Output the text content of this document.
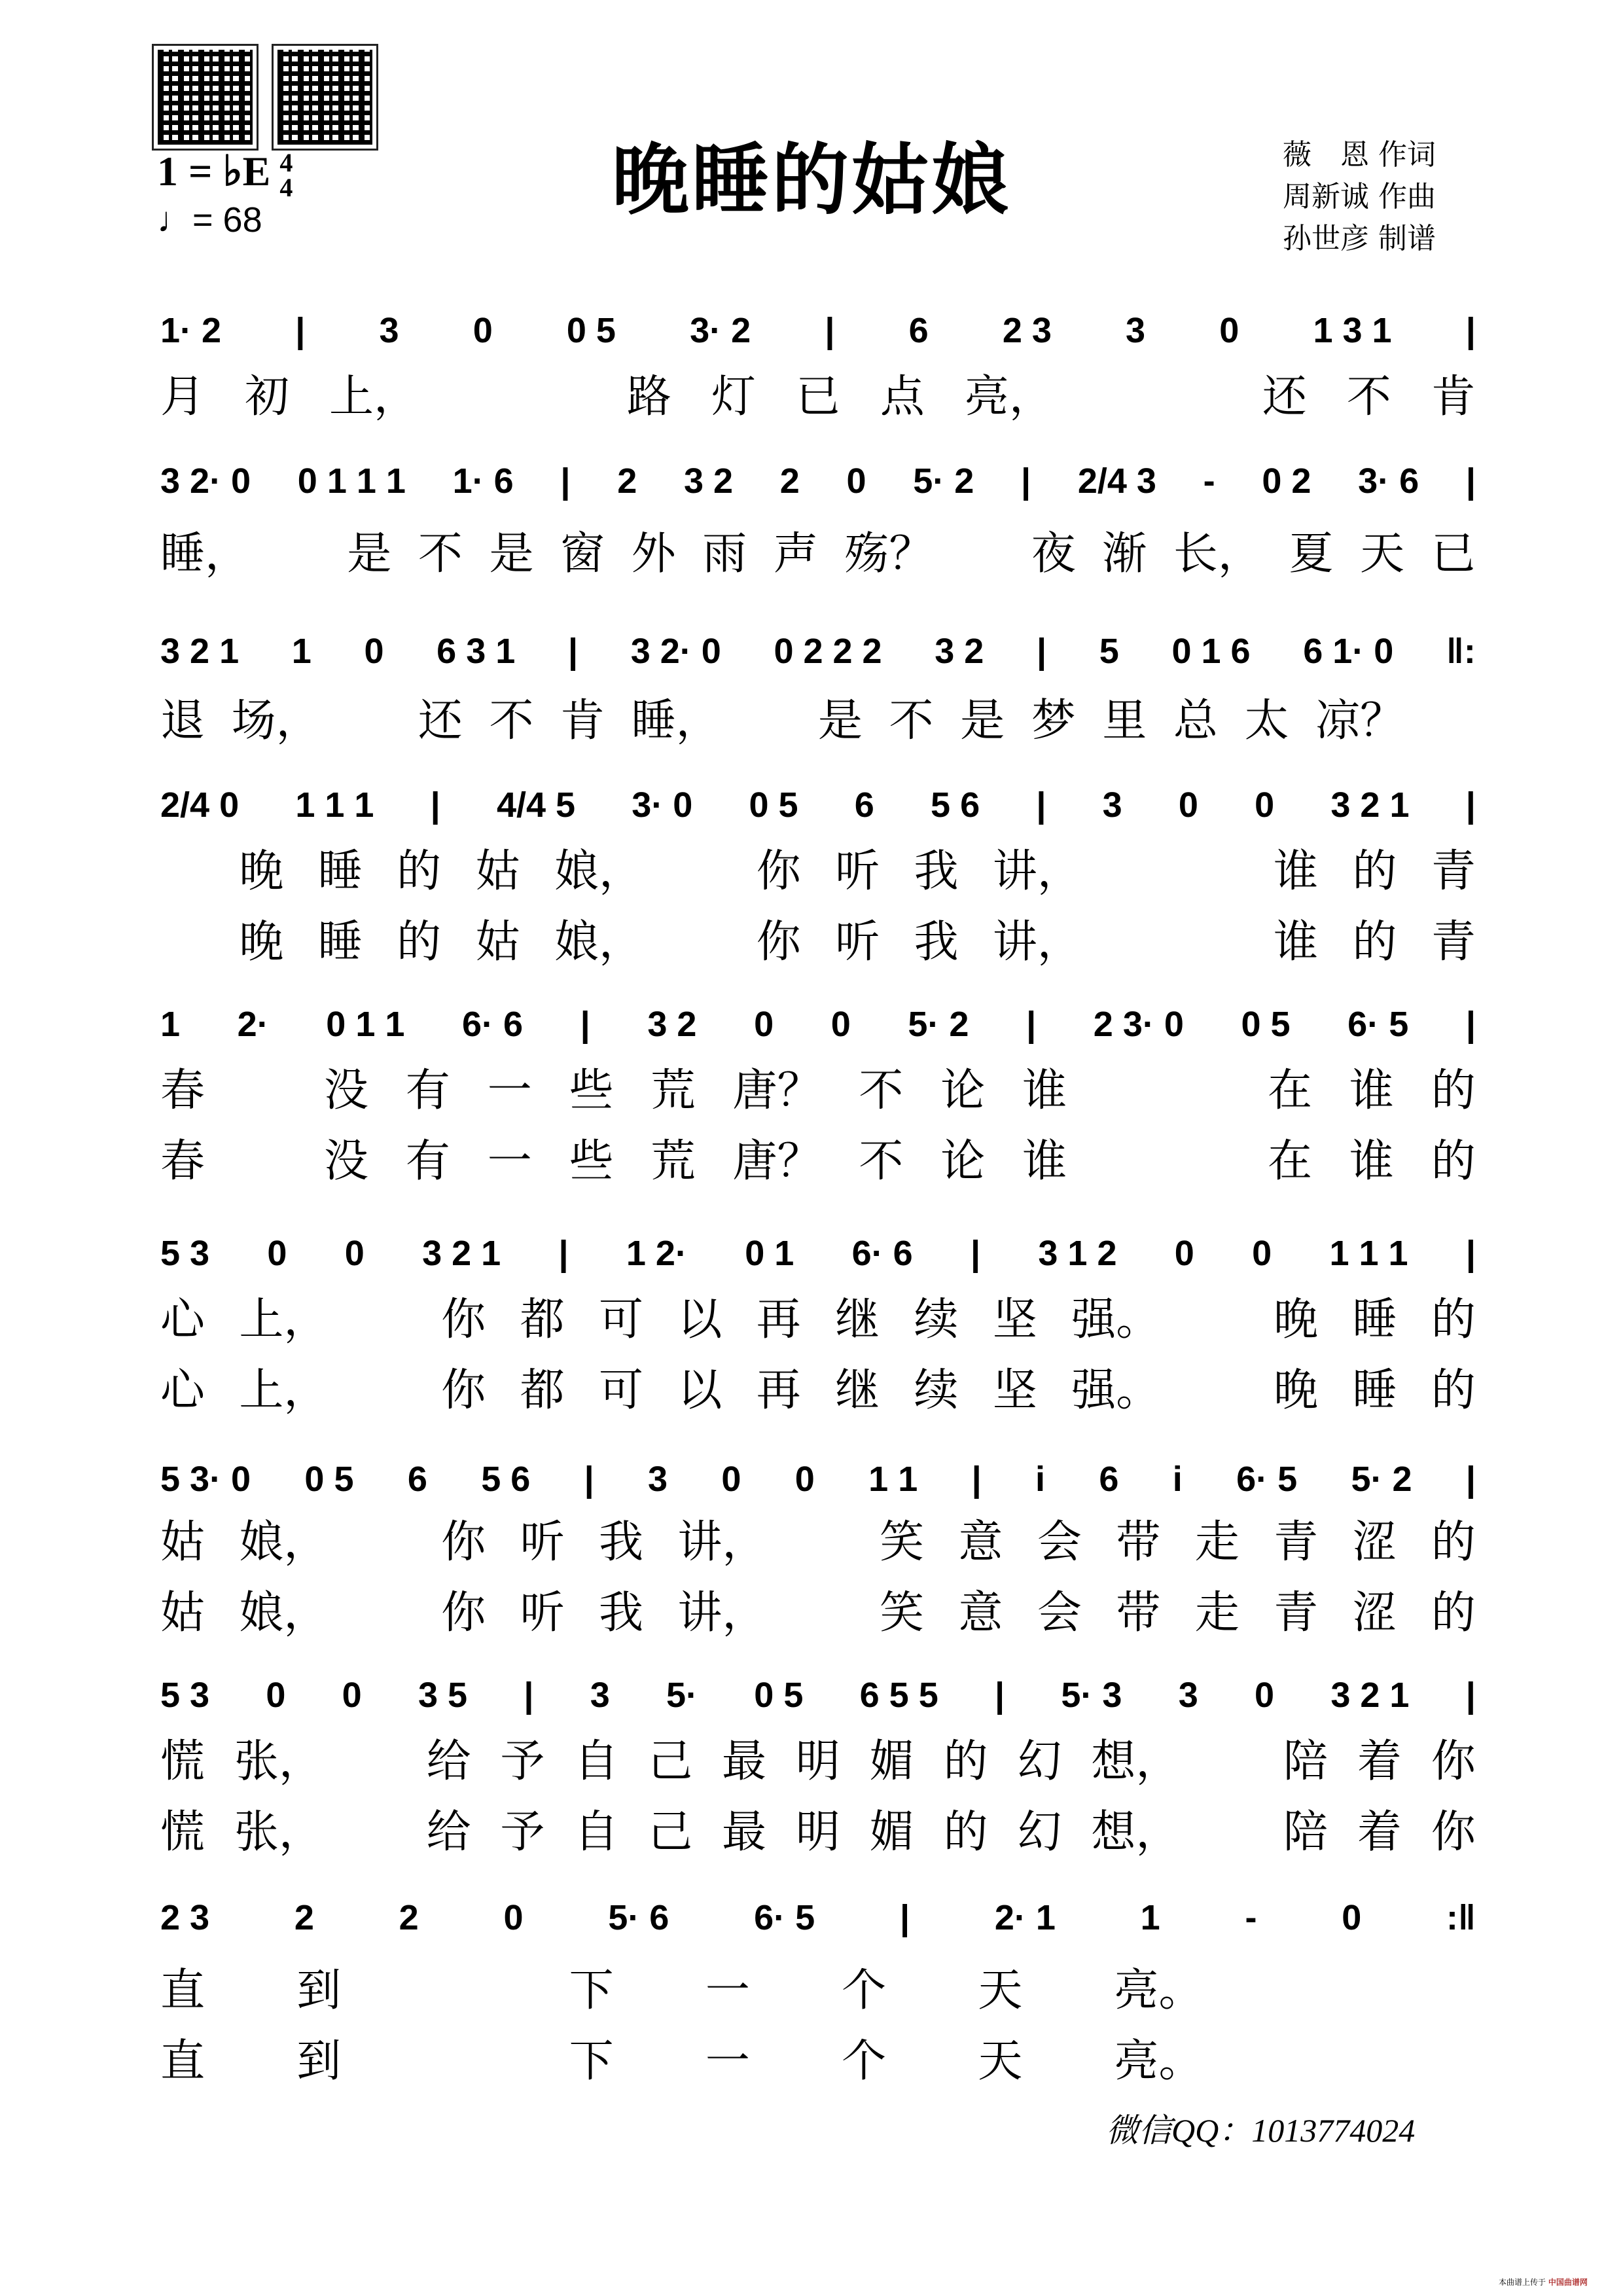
晚睡的姑娘
1 = ♭E 4
4
♩= 68
薇　恩 作词
周新诚 作曲
孙世彦 制谱
1· 2 | 3 0 0 5 3· 2 | 6 2 3 3 0 1 3 1 |
3 2· 0 0 1 1 1 1· 6 | 2 3 2 2 0 5· 2 | 2/4 3 - 0 2 3· 6 |
3 2 1 1 0 6 3 1 | 3 2· 0 0 2 2 2 3 2 | 5 0 1 6 6 1· 0 ‖:
2/4 0 1 1 1 | 4/4 5 3· 0 0 5 6 5 6 | 3 0 0 3 2 1 |
1 2· 0 1 1 6· 6 | 3 2 0 0 5· 2 | 2 3· 0 0 5 6· 5 |
5 3 0 0 3 2 1 | 1 2· 0 1 6· 6 | 3 1 2 0 0 1 1 1 |
5 3· 0 0 5 6 5 6 | 3 0 0 1 1 | i 6 i 6· 5 5· 2 |
5 3 0 0 3 5 | 3 5· 0 5 6 5 5 | 5· 3 3 0 3 2 1 |
2 3 2 2 0 5· 6 6· 5 | 2· 1 1 - 0 :‖
月 初 上，

　	路 灯 已 点 亮，

　	还 不 肯
睡，
　 是 不 是 窗 外 雨 声 殇？
　 夜 渐 长， 夏 天 已
退 场，
　 还 不 肯 睡，
　 是 不 是 梦 里 总 太 凉？

晚 睡 的 姑 娘，
　	你 听 我 讲，

　	谁 的 青

晚 睡 的 姑 娘，
　	你 听 我 讲，

　	谁 的 青
春
　	没 有 一 些 荒 唐？ 不 论 谁

　	在 谁 的
春
　	没 有 一 些 荒 唐？ 不 论 谁

　	在 谁 的
心 上，
　	你 都 可 以 再 继 续 坚 强。
　	晚 睡 的
心 上，
　	你 都 可 以 再 继 续 坚 强。
　	晚 睡 的
姑 娘，
　	你 听 我 讲，
　	笑 意 会 带 走 青 涩 的
姑 娘，
　	你 听 我 讲，
　	笑 意 会 带 走 青 涩 的
慌 张，
　 给 予 自 己 最 明 媚 的 幻 想，
　 陪 着 你
慌 张，
　 给 予 自 己 最 明 媚 的 幻 想，
　 陪 着 你
直 到
　	下 一 个 天 亮。

直 到
　	下 一 个 天 亮。

微信QQ：1013774024
本曲谱上传于 中国曲谱网
